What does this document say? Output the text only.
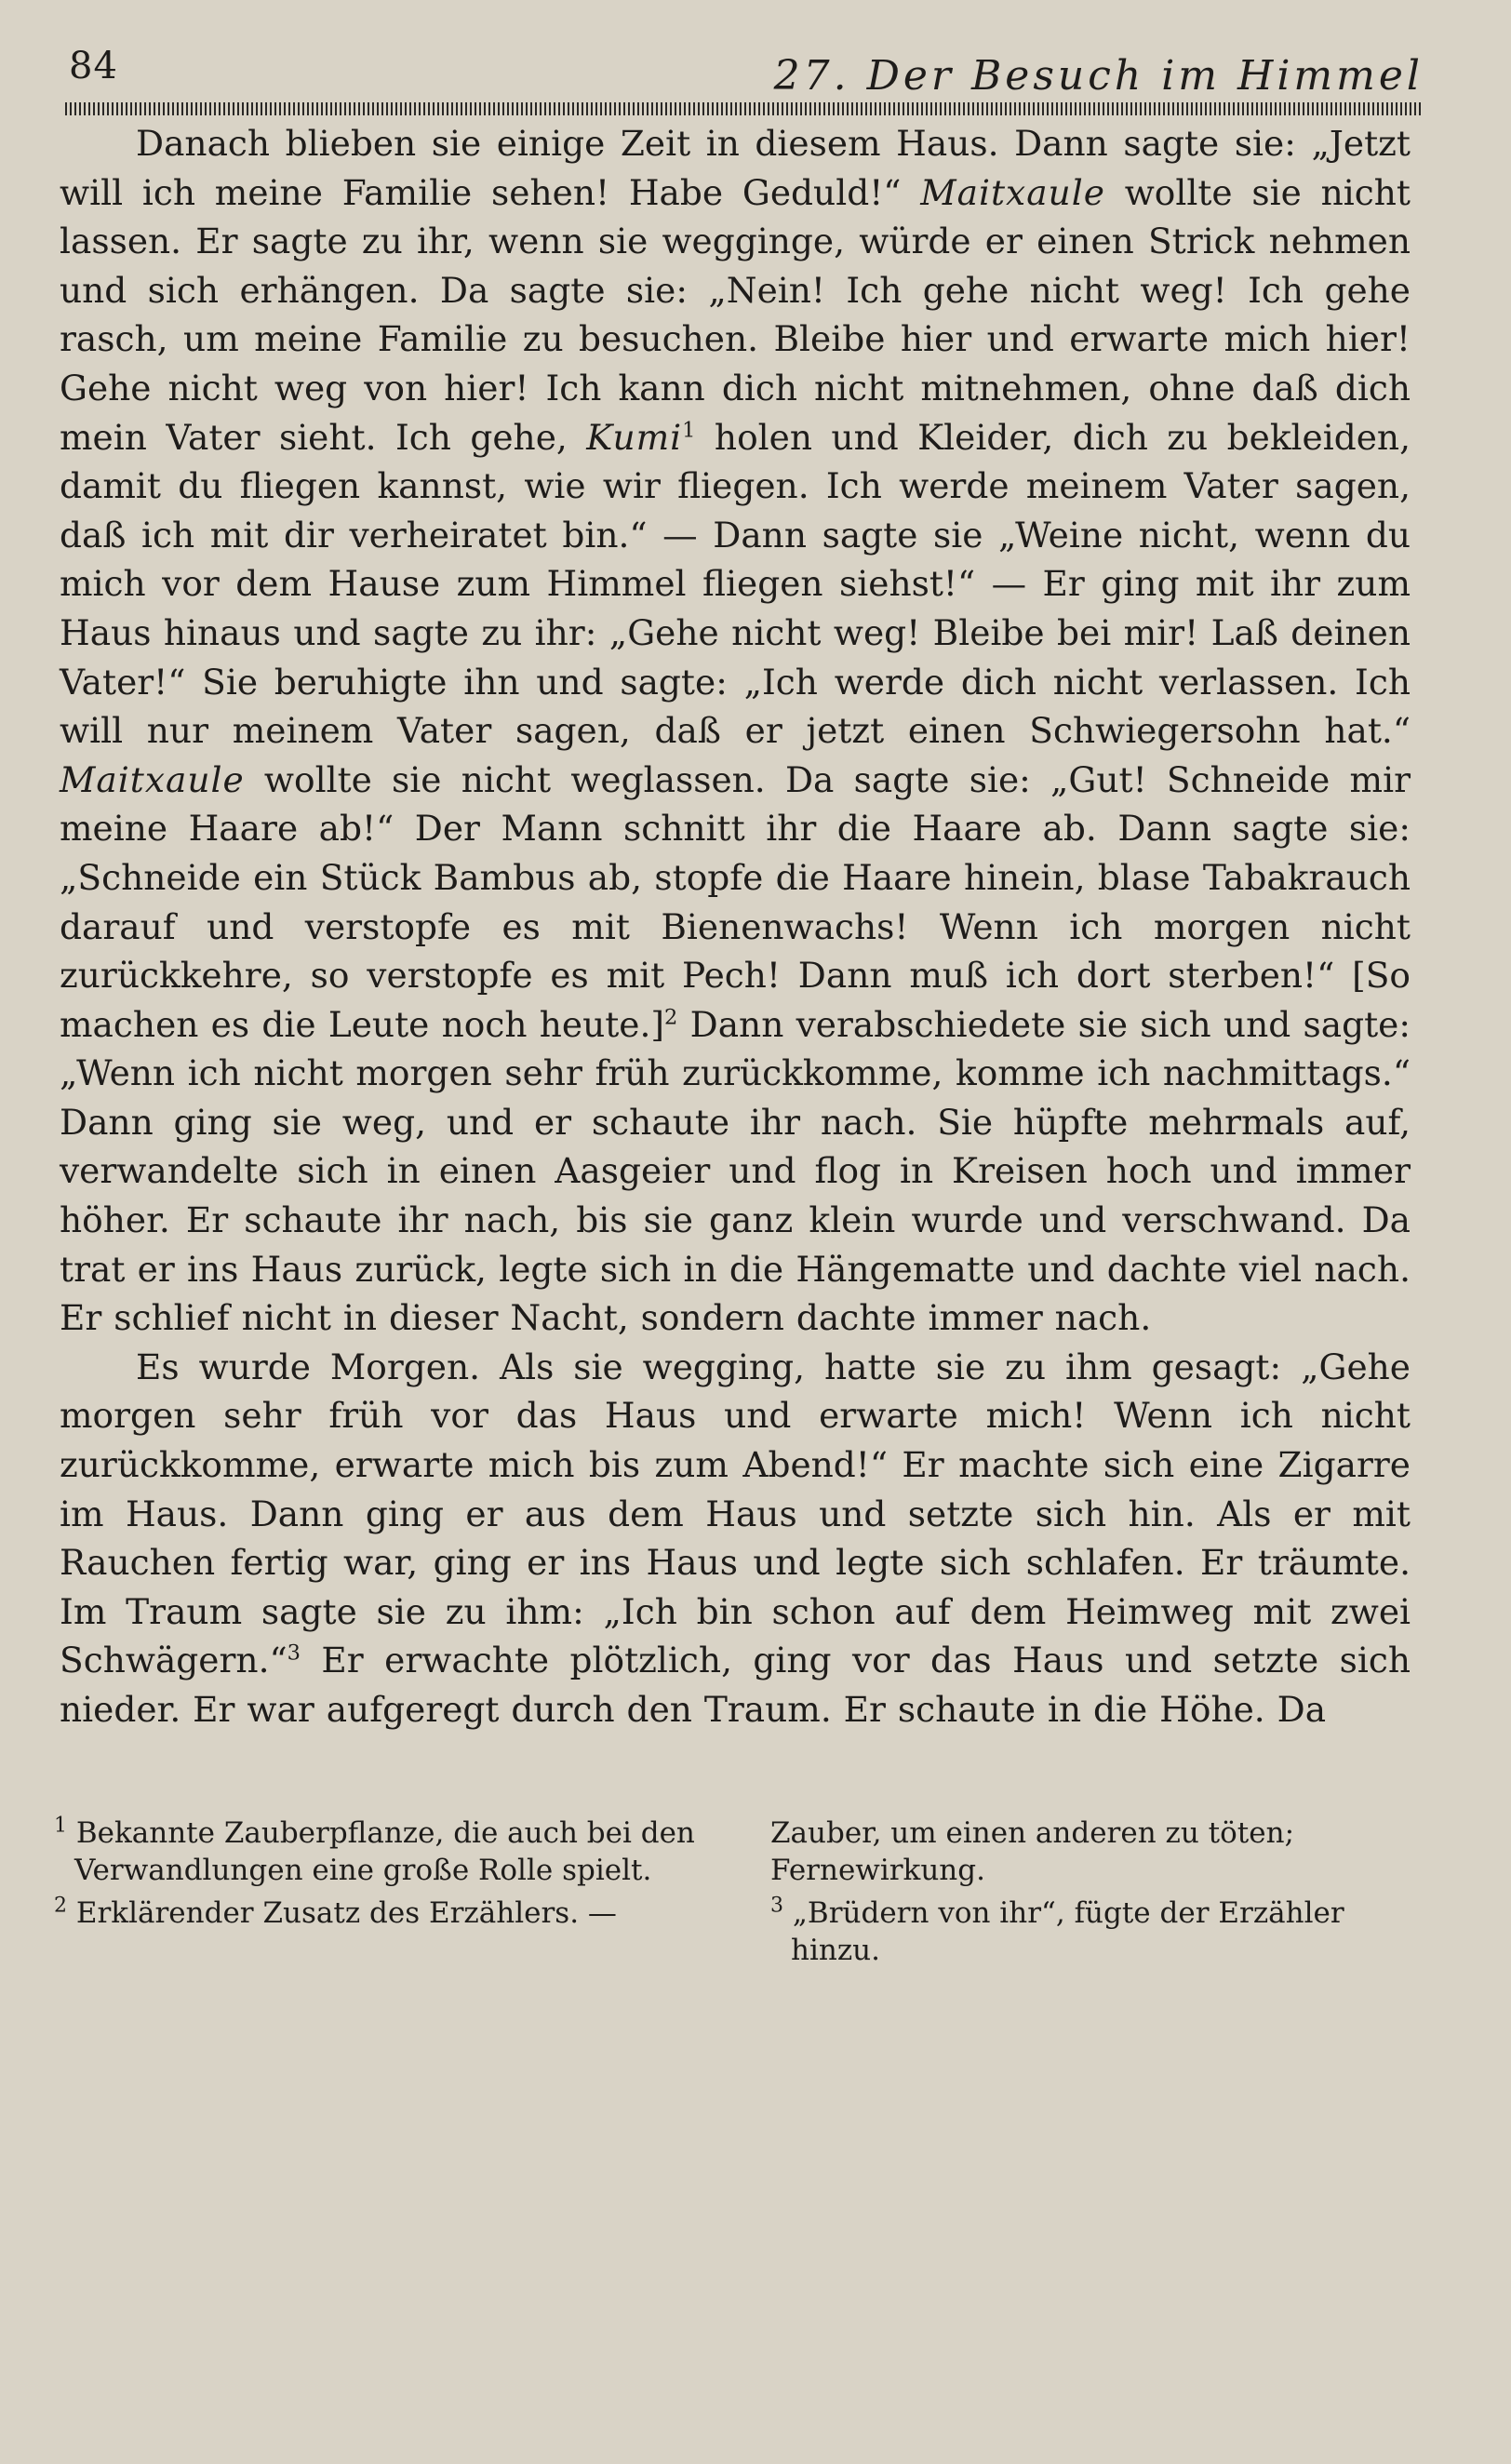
84	27. Der Besuch im Himmel

Danach blieben sie einige Zeit in diesem Haus. Dann sagte sie: „Jetzt will ich meine Familie sehen! Habe Geduld!“ Maitxaule wollte sie nicht lassen. Er sagte zu ihr, wenn sie wegginge, würde er einen Strick nehmen und sich erhängen. Da sagte sie: „Nein! Ich gehe nicht weg! Ich gehe rasch, um meine Familie zu besuchen. Bleibe hier und erwarte mich hier! Gehe nicht weg von hier! Ich kann dich nicht mitnehmen, ohne daß dich mein Vater sieht. Ich gehe, Kumi$^1$ holen und Kleider, dich zu bekleiden, damit du fliegen kannst, wie wir fliegen. Ich werde meinem Vater sagen, daß ich mit dir verheiratet bin.“ — Dann sagte sie „Weine nicht, wenn du mich vor dem Hause zum Himmel fliegen siehst!“ — Er ging mit ihr zum Haus hinaus und sagte zu ihr: „Gehe nicht weg! Bleibe bei mir! Laß deinen Vater!“ Sie beruhigte ihn und sagte: „Ich werde dich nicht verlassen. Ich will nur meinem Vater sagen, daß er jetzt einen Schwiegersohn hat.“ Maitxaule wollte sie nicht weglassen. Da sagte sie: „Gut! Schneide mir meine Haare ab!“ Der Mann schnitt ihr die Haare ab. Dann sagte sie: „Schneide ein Stück Bambus ab, stopfe die Haare hinein, blase Tabakrauch darauf und verstopfe es mit Bienenwachs! Wenn ich morgen nicht zurückkehre, so verstopfe es mit Pech! Dann muß ich dort sterben!“ [So machen es die Leute noch heute.]$^2$ Dann verabschiedete sie sich und sagte: „Wenn ich nicht morgen sehr früh zurückkomme, komme ich nachmittags.“ Dann ging sie weg, und er schaute ihr nach. Sie hüpfte mehrmals auf, verwandelte sich in einen Aasgeier und flog in Kreisen hoch und immer höher. Er schaute ihr nach, bis sie ganz klein wurde und verschwand. Da trat er ins Haus zurück, legte sich in die Hängematte und dachte viel nach. Er schlief nicht in dieser Nacht, sondern dachte immer nach.

Es wurde Morgen. Als sie wegging, hatte sie zu ihm gesagt: „Gehe morgen sehr früh vor das Haus und erwarte mich! Wenn ich nicht zurückkomme, erwarte mich bis zum Abend!“ Er machte sich eine Zigarre im Haus. Dann ging er aus dem Haus und setzte sich hin. Als er mit Rauchen fertig war, ging er ins Haus und legte sich schlafen. Er träumte. Im Traum sagte sie zu ihm: „Ich bin schon auf dem Heimweg mit zwei Schwägern.“$^3$ Er erwachte plötzlich, ging vor das Haus und setzte sich nieder. Er war aufgeregt durch den Traum. Er schaute in die Höhe. Da

$^1$ Bekannte Zauberpflanze, die auch bei den Verwandlungen eine große Rolle spielt.
$^2$ Erklärender Zusatz des Erzählers. —
Zauber, um einen anderen zu töten; Fernewirkung.
$^3$ „Brüdern von ihr“, fügte der Erzähler hinzu.
